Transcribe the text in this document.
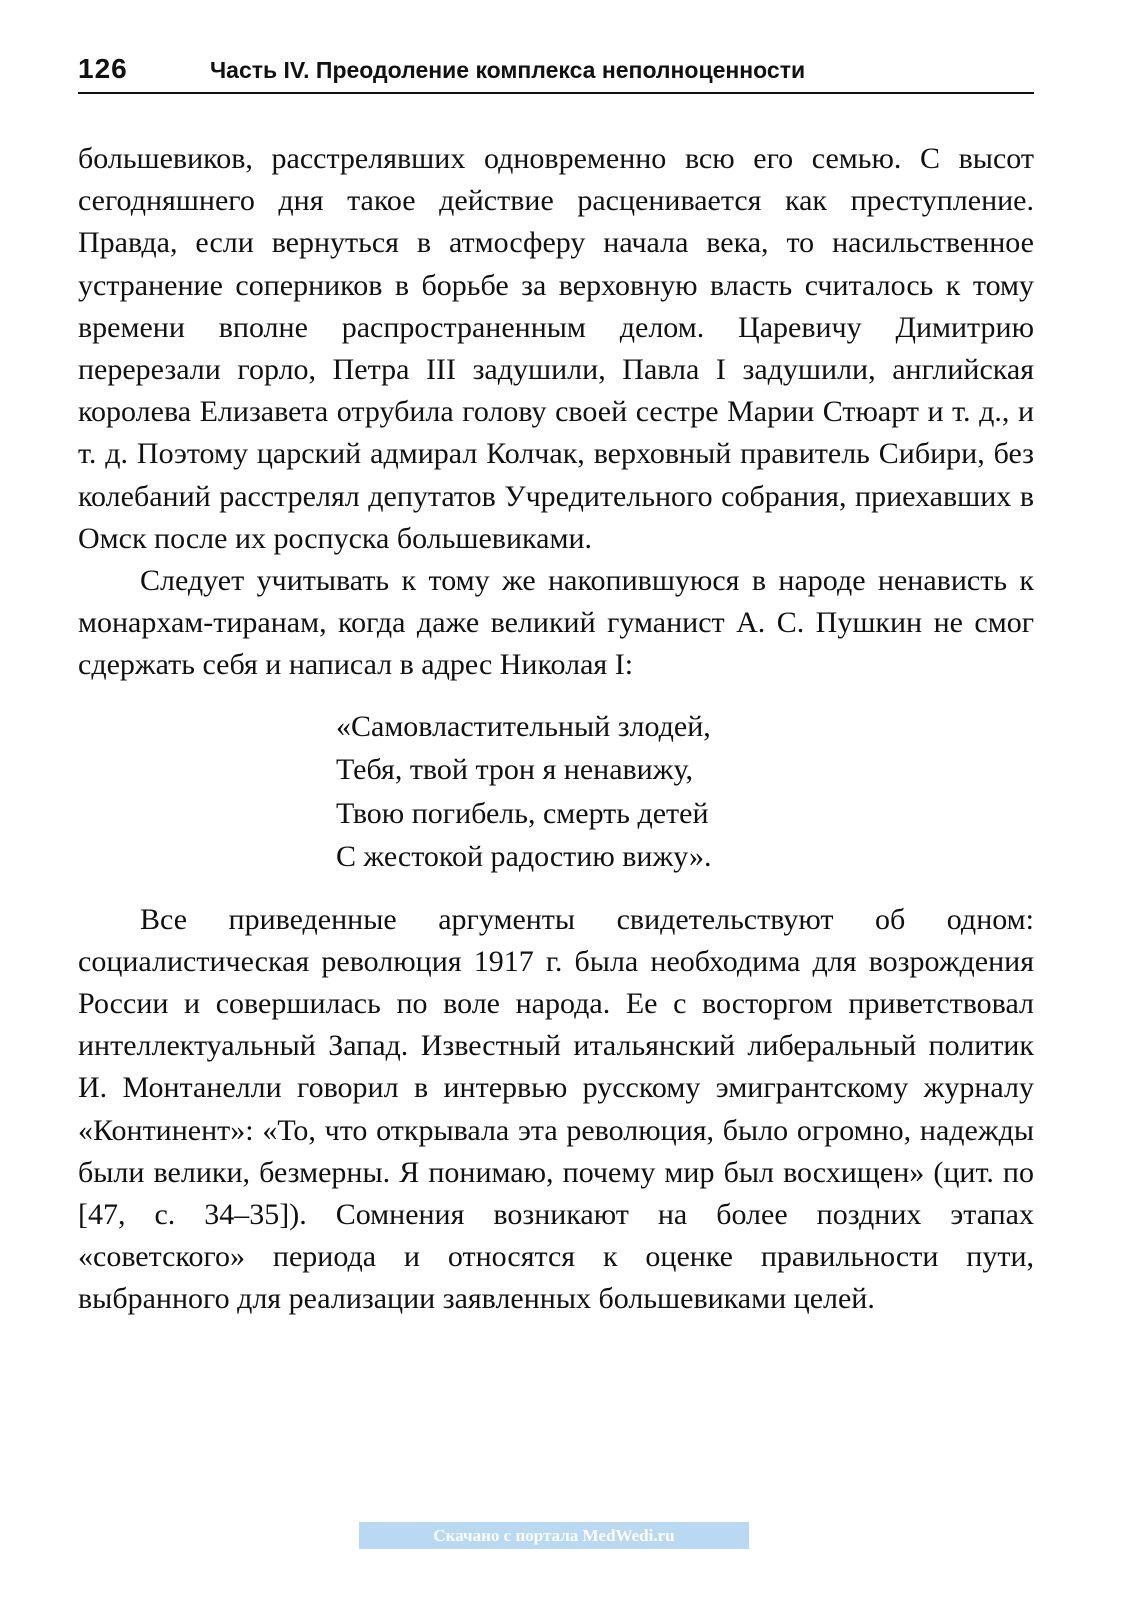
126	Часть IV. Преодоление комплекса неполноценности

большевиков, расстрелявших одновременно всю его семью. С высот сегодняшнего дня такое действие расценивается как преступление. Правда, если вернуться в атмосферу начала века, то насильственное устранение соперников в борьбе за верховную власть считалось к тому времени вполне распространенным делом. Царевичу Димитрию перерезали горло, Петра III задушили, Павла I задушили, английская королева Елизавета отрубила голову своей сестре Марии Стюарт и т. д., и т. д. Поэтому царский адмирал Колчак, верховный правитель Сибири, без колебаний расстрелял депутатов Учредительного собрания, приехавших в Омск после их роспуска большевиками.

Следует учитывать к тому же накопившуюся в народе ненависть к монархам-тиранам, когда даже великий гуманист А. С. Пушкин не смог сдержать себя и написал в адрес Николая I:

«Самовластительный злодей,
Тебя, твой трон я ненавижу,
Твою погибель, смерть детей
С жестокой радостию вижу».

Все приведенные аргументы свидетельствуют об одном: социалистическая революция 1917 г. была необходима для возрождения России и совершилась по воле народа. Ее с восторгом приветствовал интеллектуальный Запад. Известный итальянский либеральный политик И. Монтанелли говорил в интервью русскому эмигрантскому журналу «Континент»: «То, что открывала эта революция, было огромно, надежды были велики, безмерны. Я понимаю, почему мир был восхищен» (цит. по [47, с. 34–35]). Сомнения возникают на более поздних этапах «советского» периода и относятся к оценке правильности пути, выбранного для реализации заявленных большевиками целей.

Скачано с портала MedWedi.ru
